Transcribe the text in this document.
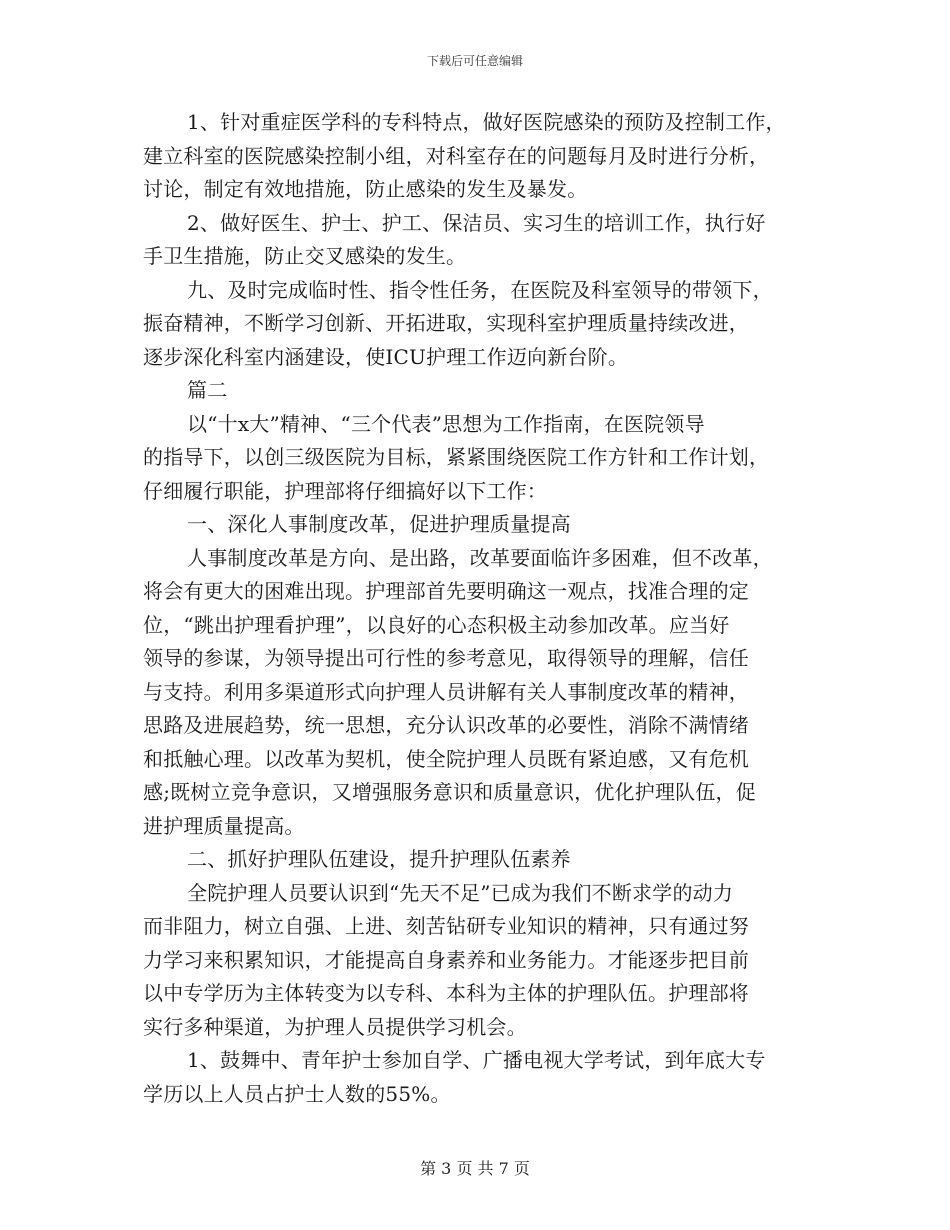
下载后可任意编辑
1、针对重症医学科的专科特点，做好医院感染的预防及控制工作，
建立科室的医院感染控制小组，对科室存在的问题每月及时进行分析，
讨论，制定有效地措施，防止感染的发生及暴发。
2、做好医生、护士、护工、保洁员、实习生的培训工作，执行好
手卫生措施，防止交叉感染的发生。
九、及时完成临时性、指令性任务，在医院及科室领导的带领下，
振奋精神，不断学习创新、开拓进取，实现科室护理质量持续改进，
逐步深化科室内涵建设，使ICU护理工作迈向新台阶。
篇二
以“十x大”精神、“三个代表”思想为工作指南，在医院领导
的指导下，以创三级医院为目标，紧紧围绕医院工作方针和工作计划，
仔细履行职能，护理部将仔细搞好以下工作：
一、深化人事制度改革，促进护理质量提高
人事制度改革是方向、是出路，改革要面临许多困难，但不改革，
将会有更大的困难出现。护理部首先要明确这一观点，找准合理的定
位，“跳出护理看护理”，以良好的心态积极主动参加改革。应当好
领导的参谋，为领导提出可行性的参考意见，取得领导的理解，信任
与支持。利用多渠道形式向护理人员讲解有关人事制度改革的精神，
思路及进展趋势，统一思想，充分认识改革的必要性，消除不满情绪
和抵触心理。以改革为契机，使全院护理人员既有紧迫感，又有危机
感;既树立竞争意识，又增强服务意识和质量意识，优化护理队伍，促
进护理质量提高。
二、抓好护理队伍建设，提升护理队伍素养
全院护理人员要认识到“先天不足”已成为我们不断求学的动力
而非阻力，树立自强、上进、刻苦钻研专业知识的精神，只有通过努
力学习来积累知识，才能提高自身素养和业务能力。才能逐步把目前
以中专学历为主体转变为以专科、本科为主体的护理队伍。护理部将
实行多种渠道，为护理人员提供学习机会。
1、鼓舞中、青年护士参加自学、广播电视大学考试，到年底大专
学历以上人员占护士人数的55%。
第 3 页 共 7 页
